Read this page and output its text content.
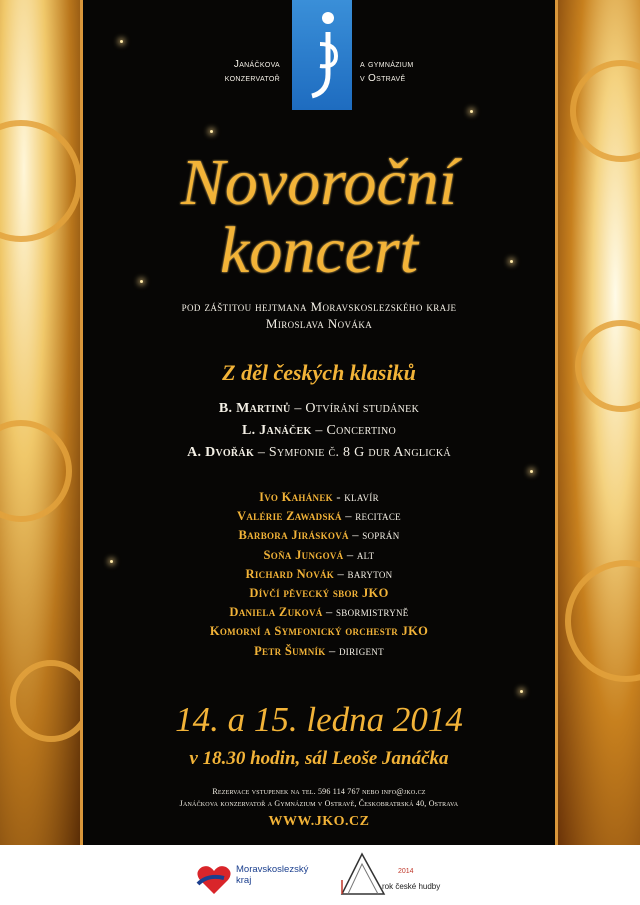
Janáčkova
konzervatoř
a gymnázium
v Ostravě
Novoroční
koncert
pod záštitou hejtmana Moravskoslezského kraje
Miroslava Nováka
Z děl českých klasiků
B. Martinů – Otvírání studánek
L. Janáček – Concertino
A. Dvořák – Symfonie č. 8 G dur Anglická
Ivo Kahánek - klavír
Valérie Zawadská – recitace
Barbora Jirásková – soprán
Soňa Jungová – alt
Richard Novák – baryton
Dívčí pěvecký sbor JKO
Daniela Zuková – sbormistryně
Komorní a Symfonický orchestr JKO
Petr Šumník – dirigent
14. a 15. ledna 2014
v 18.30 hodin, sál Leoše Janáčka
Rezervace vstupenek na tel. 596 114 767 nebo info@jko.cz
Janáčkova konzervatoř a Gymnázium v Ostravě, Českobratrská 40, Ostrava
WWW.JKO.CZ
Moravskoslezský
kraj
2014
rok české hudby
